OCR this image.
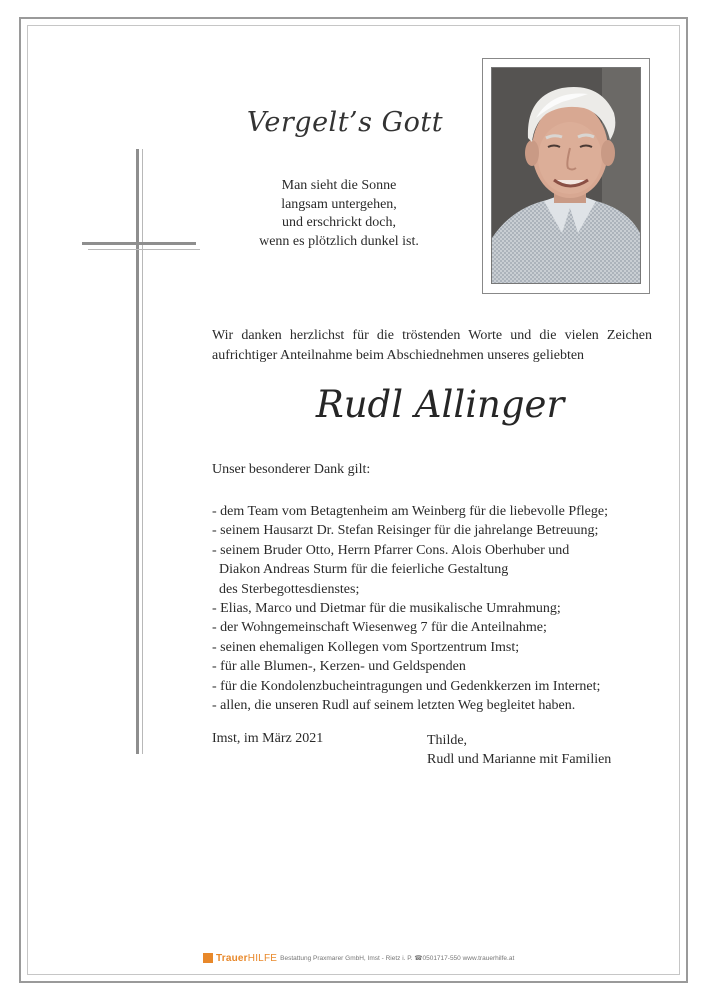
Vergelt’s Gott
Man sieht die Sonne
langsam untergehen,
und erschrickt doch,
wenn es plötzlich dunkel ist.
Wir danken herzlichst für die tröstenden Worte und die vielen Zeichen aufrichtiger Anteilnahme beim Abschiednehmen unseres geliebten
Rudl Allinger
Unser besonderer Dank gilt:
- dem Team vom Betagtenheim am Weinberg für die liebevolle Pflege;
- seinem Hausarzt Dr. Stefan Reisinger für die jahrelange Betreuung;
- seinem Bruder Otto, Herrn Pfarrer Cons. Alois Oberhuber und
Diakon Andreas Sturm für die feierliche Gestaltung
des Sterbegottesdienstes;
- Elias, Marco und Dietmar für die musikalische Umrahmung;
- der Wohngemeinschaft Wiesenweg 7 für die Anteilnahme;
- seinen ehemaligen Kollegen vom Sportzentrum Imst;
- für alle Blumen-, Kerzen- und Geldspenden
- für die Kondolenzbucheintragungen und Gedenkkerzen im Internet;
- allen, die unseren Rudl auf seinem letzten Weg begleitet haben.
Imst, im März 2021	Thilde,
Rudl und Marianne mit Familien
TrauerHILFE Bestattung Praxmarer GmbH, Imst - Rietz i. P. ☎0501717-550 www.trauerhilfe.at
